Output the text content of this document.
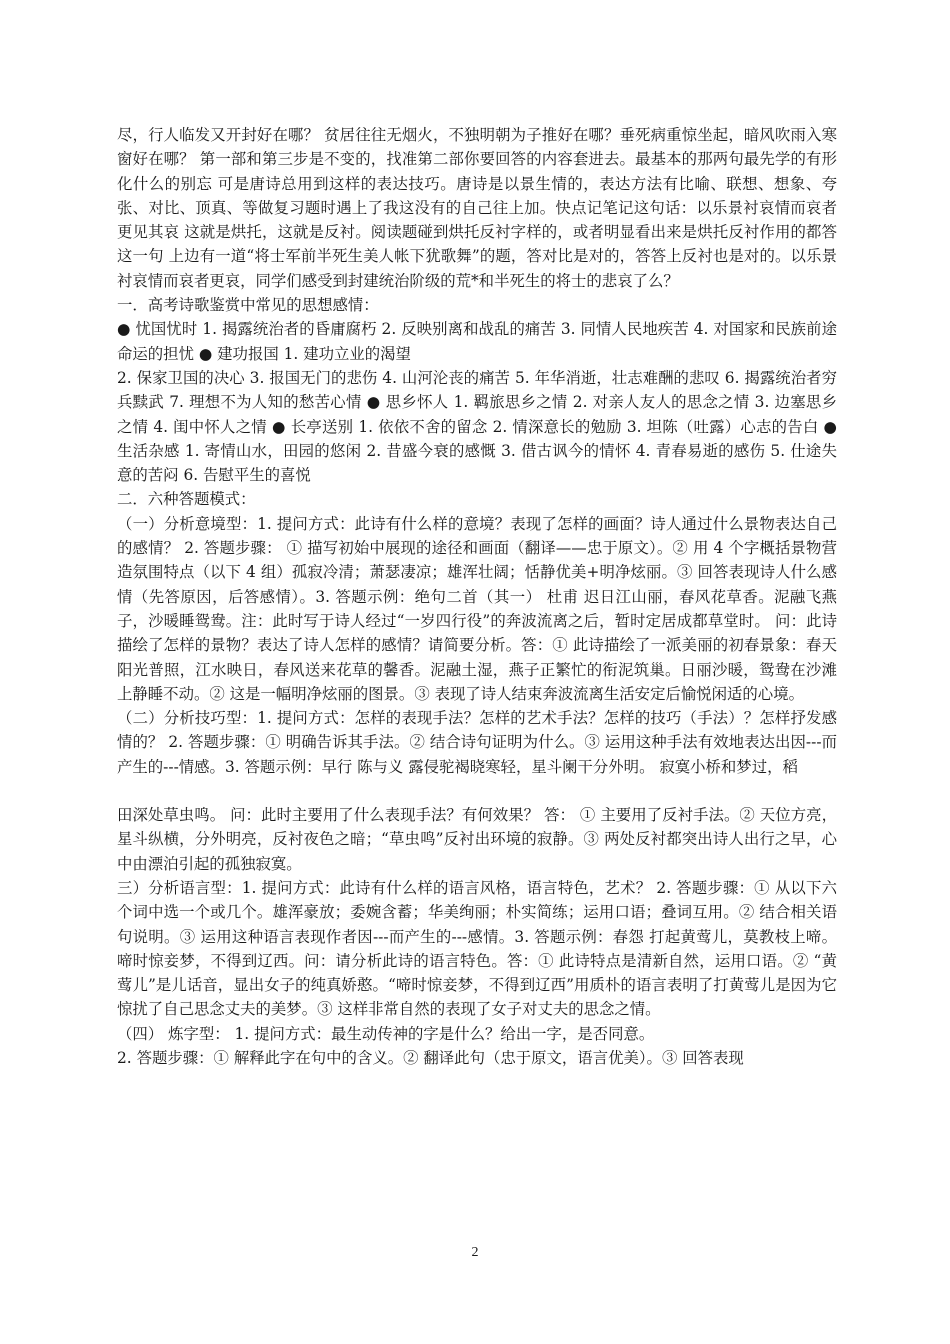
尽，行人临发又开封好在哪？ 贫居往往无烟火，不独明朝为子推好在哪？垂死病重惊坐起，暗风吹雨入寒窗好在哪？ 第一部和第三步是不变的，找准第二部你要回答的内容套进去。最基本的那两句最先学的有形化什么的别忘 可是唐诗总用到这样的表达技巧。唐诗是以景生情的，表达方法有比喻、联想、想象、夸张、对比、顶真、等做复习题时遇上了我这没有的自己往上加。快点记笔记这句话：以乐景衬哀情而哀者更见其哀 这就是烘托，这就是反衬。阅读题碰到烘托反衬字样的，或者明显看出来是烘托反衬作用的都答这一句 上边有一道“将士军前半死生美人帐下犹歌舞”的题，答对比是对的，答答上反衬也是对的。以乐景衬哀情而哀者更哀，同学们感受到封建统治阶级的荒*和半死生的将士的悲哀了么？

一．高考诗歌鉴赏中常见的思想感情：

● 忧国忧时 1. 揭露统治者的昏庸腐朽 2. 反映别离和战乱的痛苦 3. 同情人民地疾苦 4. 对国家和民族前途命运的担忧 ● 建功报国 1. 建功立业的渴望

2. 保家卫国的决心 3. 报国无门的悲伤 4. 山河沦丧的痛苦 5. 年华消逝，壮志难酬的悲叹 6. 揭露统治者穷兵黩武 7. 理想不为人知的愁苦心情 ● 思乡怀人 1. 羁旅思乡之情 2. 对亲人友人的思念之情 3. 边塞思乡之情 4. 闺中怀人之情 ● 长亭送别 1. 依依不舍的留念 2. 情深意长的勉励 3. 坦陈（吐露）心志的告白 ● 生活杂感 1. 寄情山水，田园的悠闲 2. 昔盛今衰的感慨 3. 借古讽今的情怀 4. 青春易逝的感伤 5. 仕途失意的苦闷 6. 告慰平生的喜悦

二．六种答题模式：

（一）分析意境型：1. 提问方式：此诗有什么样的意境？表现了怎样的画面？诗人通过什么景物表达自己的感情？ 2. 答题步骤： ① 描写初始中展现的途径和画面（翻译——忠于原文）。② 用 4 个字概括景物营造氛围特点（以下 4 组）孤寂冷清；萧瑟凄凉；雄浑壮阔；恬静优美+明净炫丽。③ 回答表现诗人什么感情（先答原因，后答感情）。3. 答题示例：绝句二首（其一） 杜甫 迟日江山丽，春风花草香。泥融飞燕子，沙暖睡鸳鸯。注：此时写于诗人经过“一岁四行役”的奔波流离之后，暂时定居成都草堂时。 问：此诗描绘了怎样的景物？表达了诗人怎样的感情？请简要分析。答：① 此诗描绘了一派美丽的初春景象：春天阳光普照，江水映日，春风送来花草的馨香。泥融土湿，燕子正繁忙的衔泥筑巢。日丽沙暖，鸳鸯在沙滩上静睡不动。② 这是一幅明净炫丽的图景。③ 表现了诗人结束奔波流离生活安定后愉悦闲适的心境。

（二）分析技巧型：1. 提问方式：怎样的表现手法？怎样的艺术手法？怎样的技巧（手法）？怎样抒发感情的？ 2. 答题步骤：① 明确告诉其手法。② 结合诗句证明为什么。③ 运用这种手法有效地表达出因---而产生的---情感。3. 答题示例：早行 陈与义 露侵驼褐晓寒轻，星斗阑干分外明。 寂寞小桥和梦过，稻

田深处草虫鸣。 问：此时主要用了什么表现手法？有何效果？ 答： ① 主要用了反衬手法。② 天位方亮，星斗纵横，分外明亮，反衬夜色之暗；“草虫鸣”反衬出环境的寂静。③ 两处反衬都突出诗人出行之早，心中由漂泊引起的孤独寂寞。

三）分析语言型：1. 提问方式：此诗有什么样的语言风格，语言特色，艺术？ 2. 答题步骤：① 从以下六个词中选一个或几个。雄浑豪放；委婉含蓄；华美绚丽；朴实简练；运用口语；叠词互用。② 结合相关语句说明。③ 运用这种语言表现作者因---而产生的---感情。3. 答题示例：春怨 打起黄莺儿，莫教枝上啼。啼时惊妾梦，不得到辽西。问：请分析此诗的语言特色。答：① 此诗特点是清新自然，运用口语。② “黄莺儿”是儿话音，显出女子的纯真娇憨。“啼时惊妾梦，不得到辽西”用质朴的语言表明了打黄莺儿是因为它惊扰了自己思念丈夫的美梦。③ 这样非常自然的表现了女子对丈夫的思念之情。

（四） 炼字型： 1. 提问方式：最生动传神的字是什么？给出一字，是否同意。

2. 答题步骤：① 解释此字在句中的含义。② 翻译此句（忠于原文，语言优美）。③ 回答表现

2
